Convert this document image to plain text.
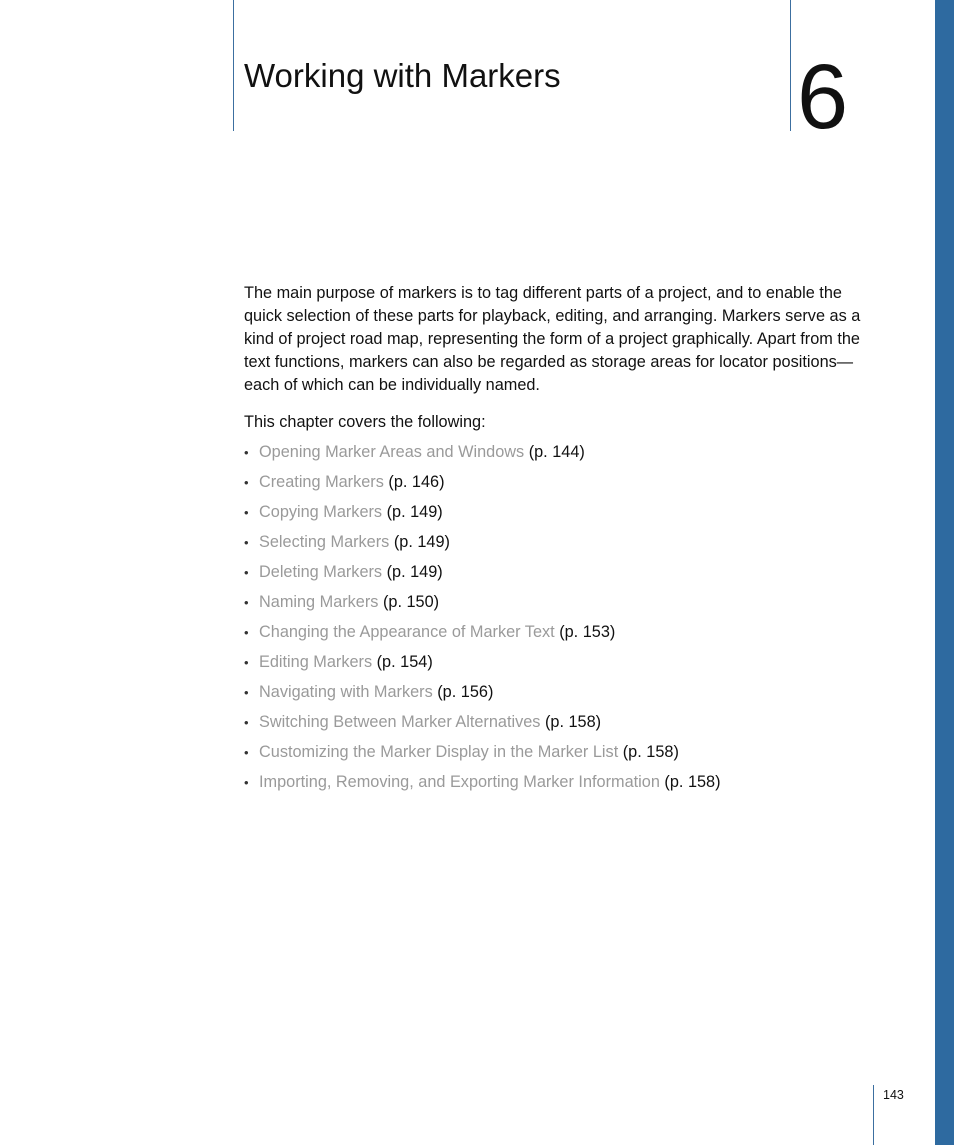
Working with Markers	6

The main purpose of markers is to tag different parts of a project, and to enable the quick selection of these parts for playback, editing, and arranging. Markers serve as a kind of project road map, representing the form of a project graphically. Apart from the text functions, markers can also be regarded as storage areas for locator positions—each of which can be individually named.

This chapter covers the following:

• Opening Marker Areas and Windows (p. 144)
• Creating Markers (p. 146)
• Copying Markers (p. 149)
• Selecting Markers (p. 149)
• Deleting Markers (p. 149)
• Naming Markers (p. 150)
• Changing the Appearance of Marker Text (p. 153)
• Editing Markers (p. 154)
• Navigating with Markers (p. 156)
• Switching Between Marker Alternatives (p. 158)
• Customizing the Marker Display in the Marker List (p. 158)
• Importing, Removing, and Exporting Marker Information (p. 158)
143
